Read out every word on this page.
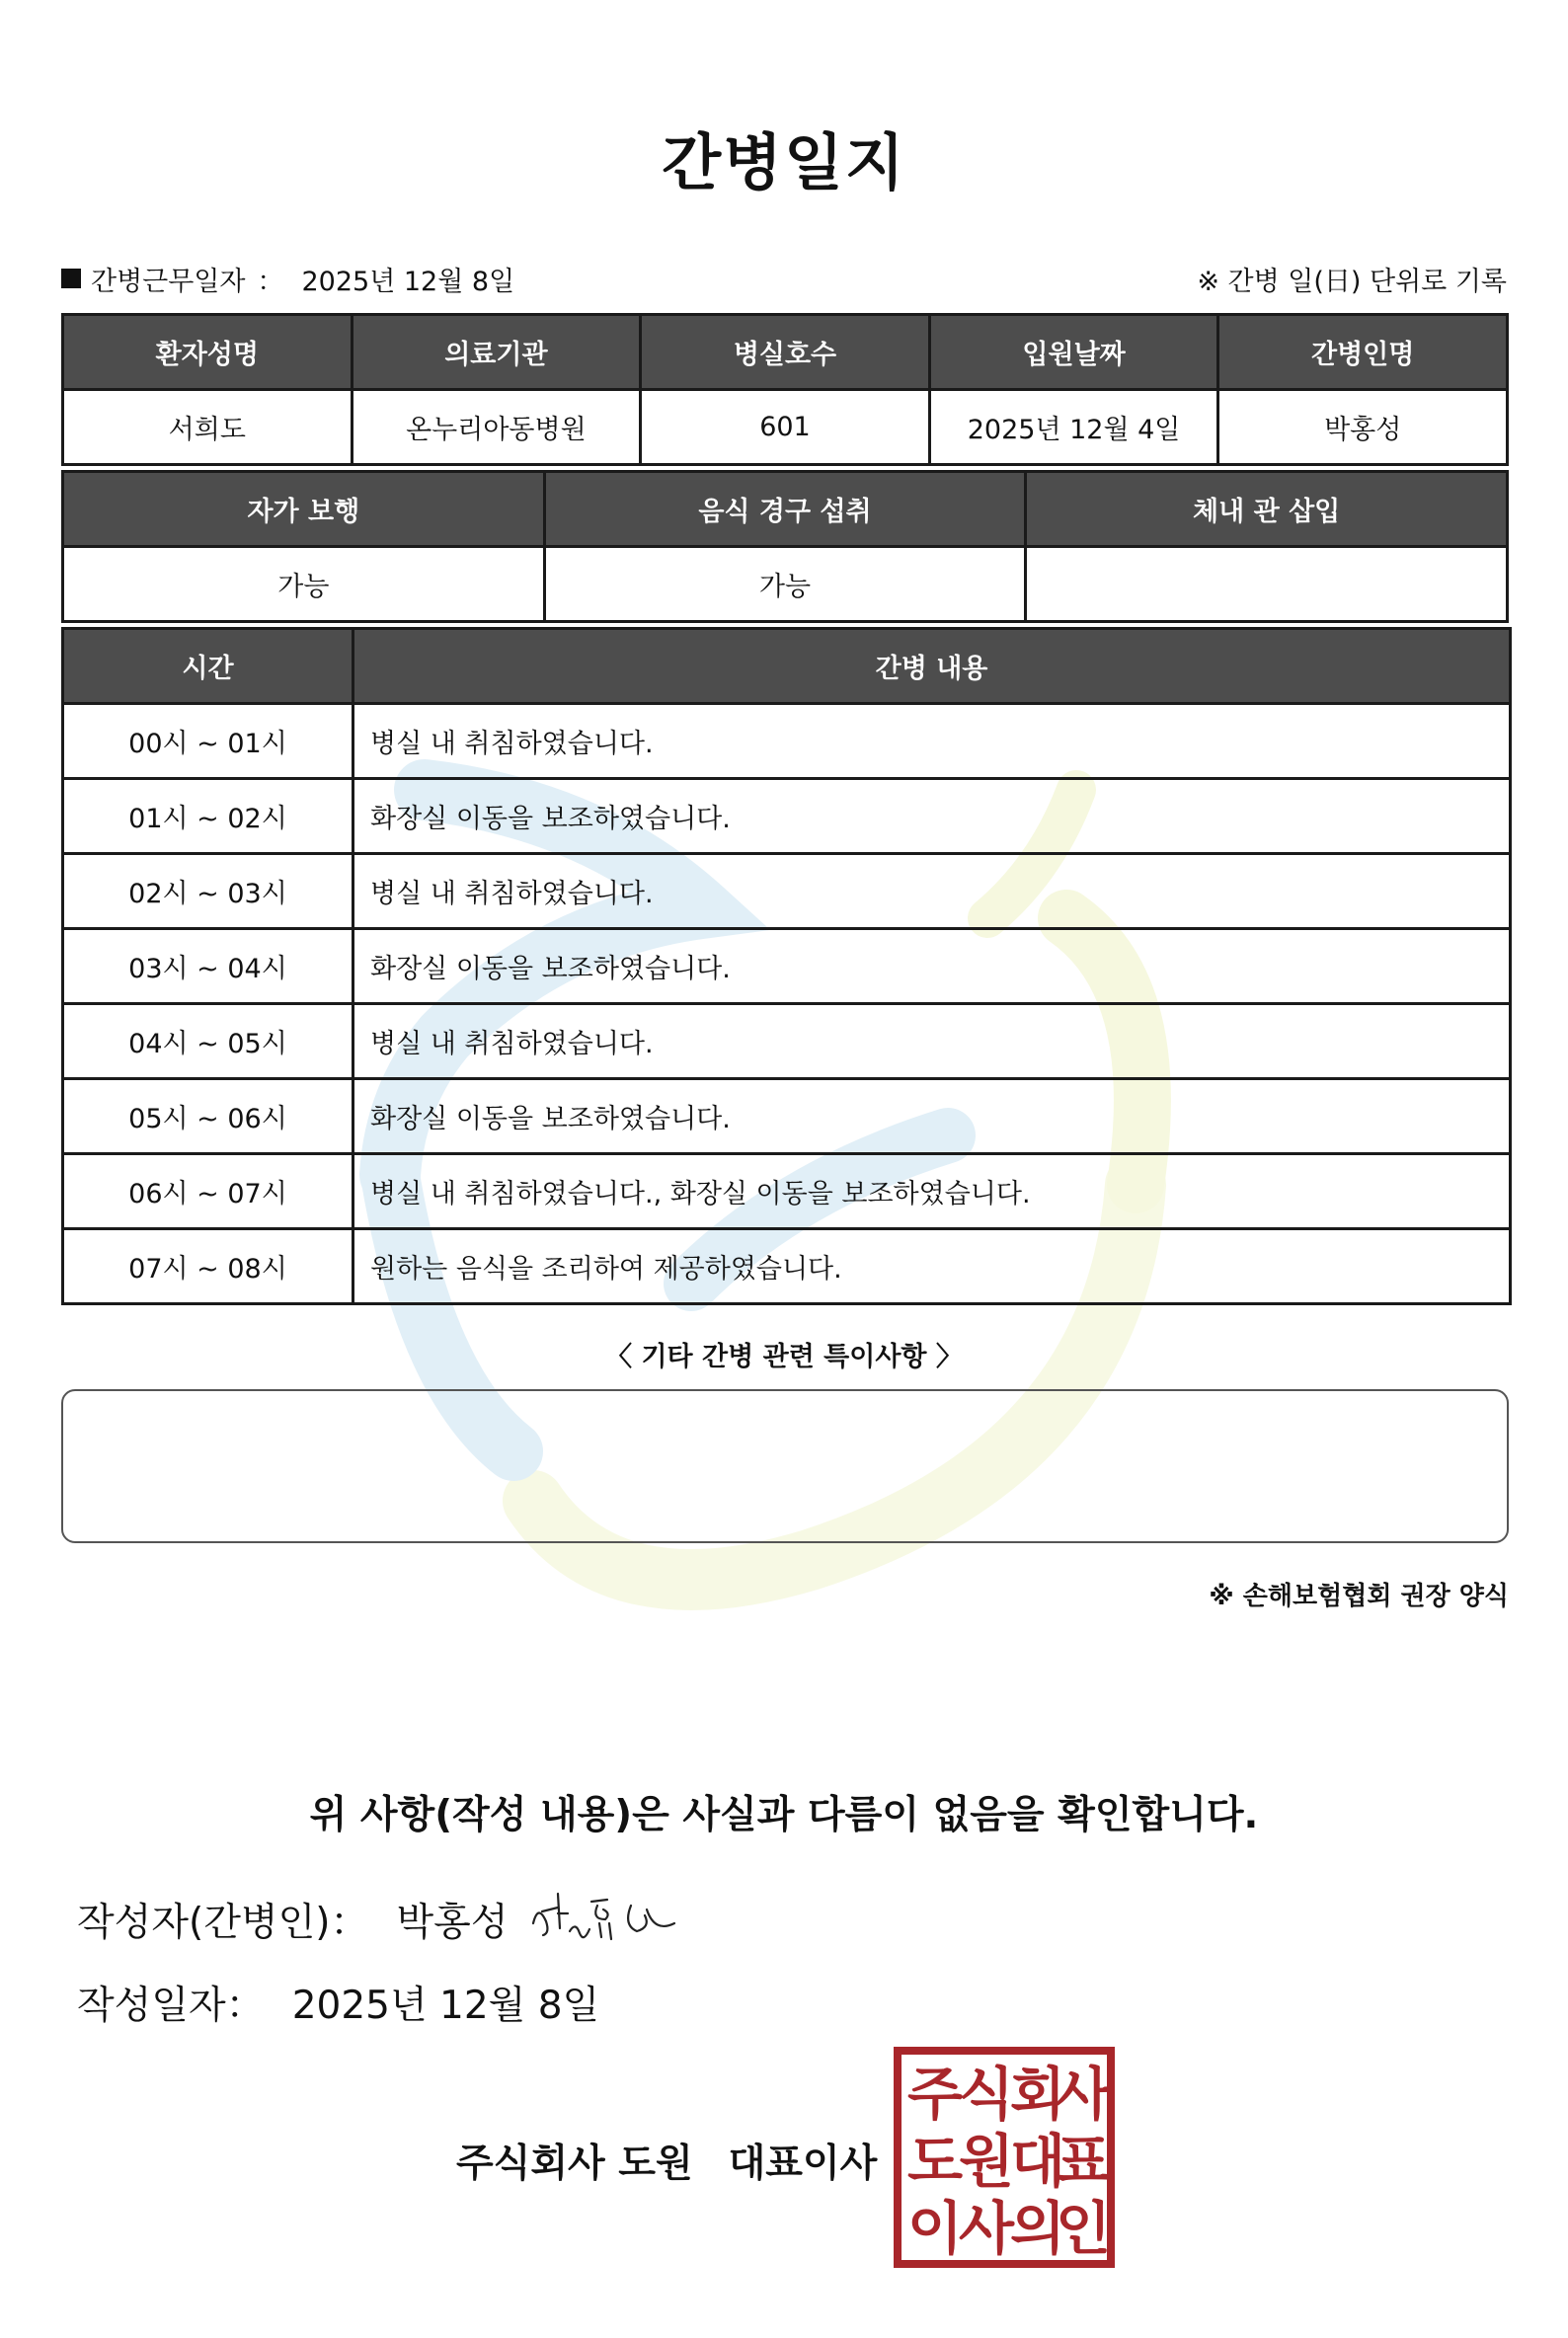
간병일지
간병근무일자 ： 2025년 12월 8일	※ 간병 일(日) 단위로 기록
환자성명	의료기관	병실호수	입원날짜	간병인명
서희도	온누리아동병원	601	2025년 12월 4일	박홍성
자가 보행	음식 경구 섭취	체내 관 삽입
가능	가능	
시간	간병 내용
00시 ~ 01시	병실 내 취침하였습니다.
01시 ~ 02시	화장실 이동을 보조하였습니다.
02시 ~ 03시	병실 내 취침하였습니다.
03시 ~ 04시	화장실 이동을 보조하였습니다.
04시 ~ 05시	병실 내 취침하였습니다.
05시 ~ 06시	화장실 이동을 보조하였습니다.
06시 ~ 07시	병실 내 취침하였습니다., 화장실 이동을 보조하였습니다.
07시 ~ 08시	원하는 음식을 조리하여 제공하였습니다.
〈 기타 간병 관련 특이사항 〉
※ 손해보험협회 권장 양식
위 사항(작성 내용)은 사실과 다름이 없음을 확인합니다.
작성자(간병인)： 박홍성
작성일자： 2025년 12월 8일
주식회사 도원 대표이사
주
식
회
사
도
원
대
표
이
사
의
인
